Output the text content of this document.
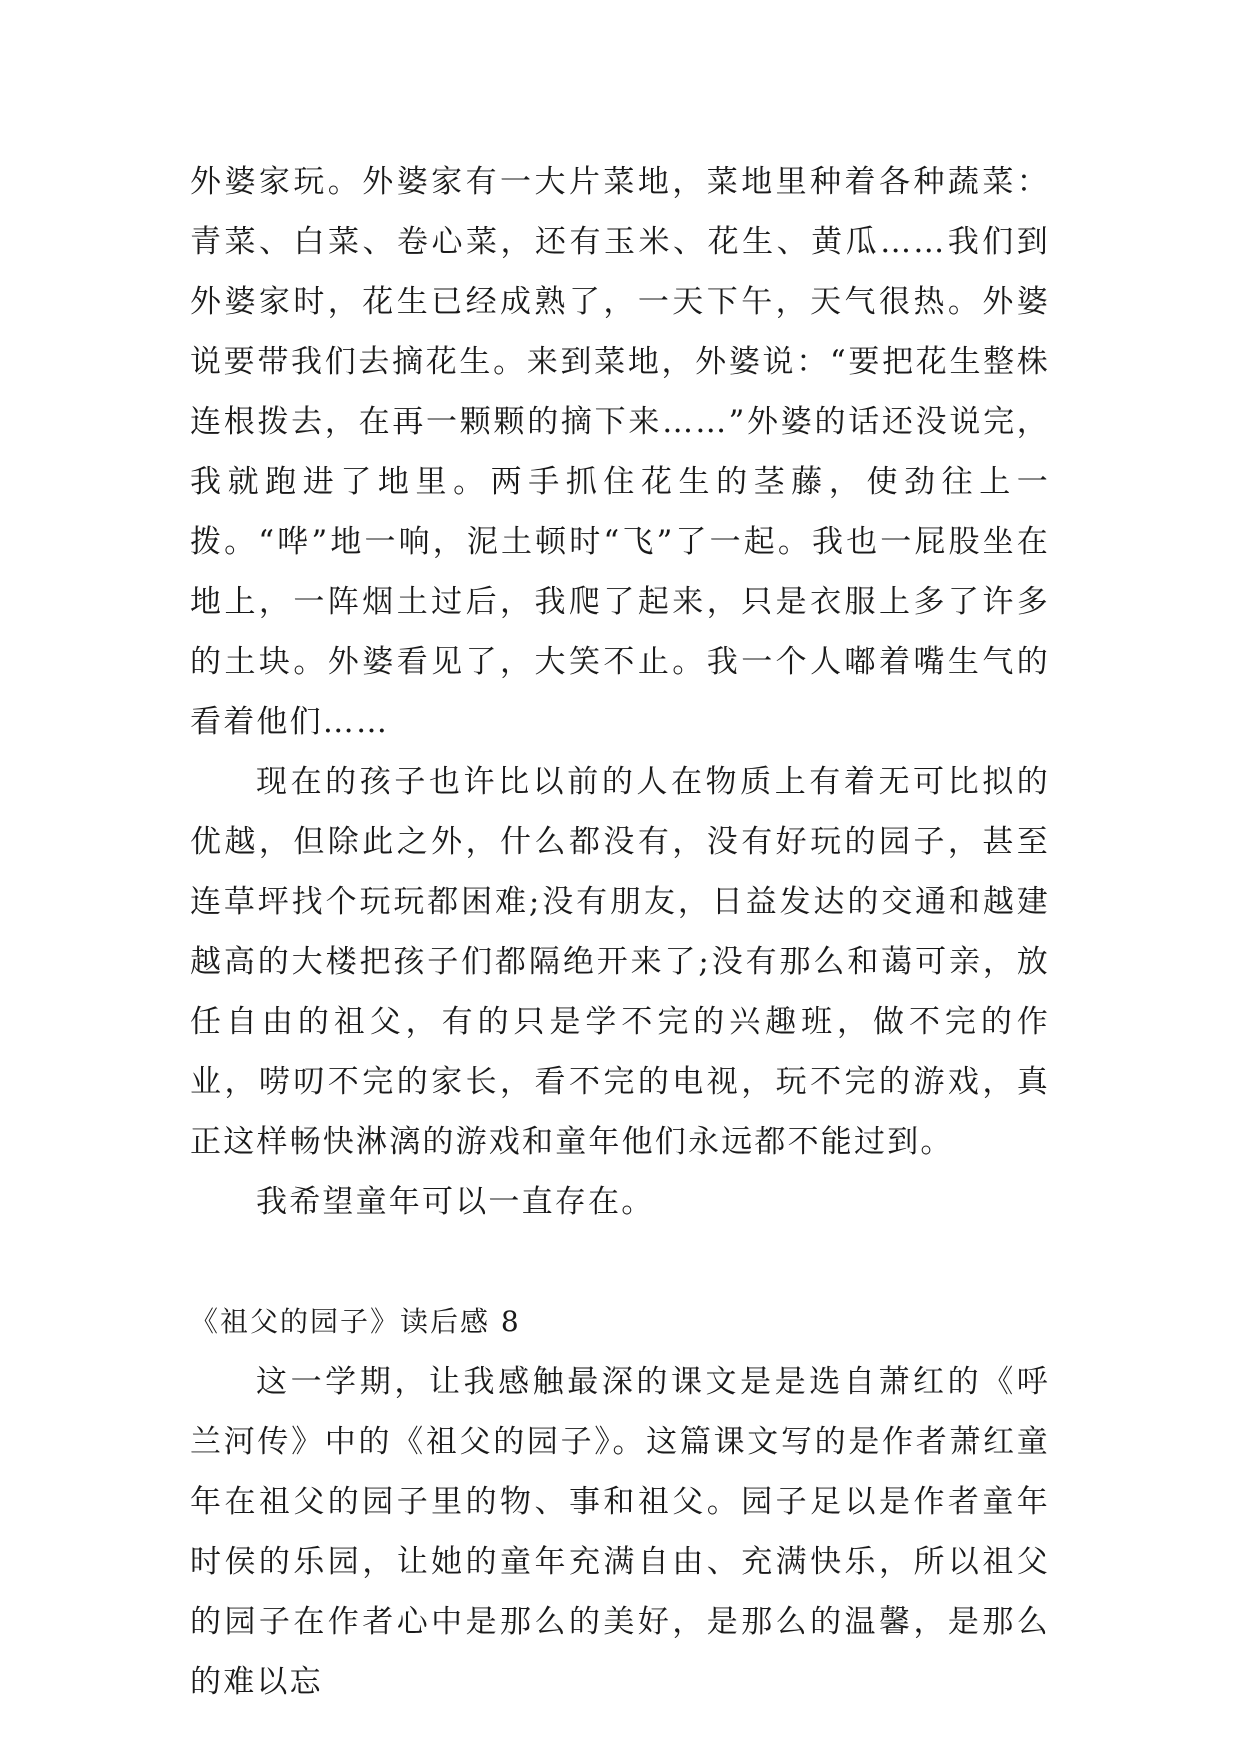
外婆家玩。外婆家有一大片菜地，菜地里种着各种蔬菜：青菜、白菜、卷心菜，还有玉米、花生、黄瓜……我们到外婆家时，花生已经成熟了，一天下午，天气很热。外婆说要带我们去摘花生。来到菜地，外婆说：“要把花生整株连根拨去，在再一颗颗的摘下来……”外婆的话还没说完，我就跑进了地里。两手抓住花生的茎藤，使劲往上一拨。“哗”地一响，泥土顿时“飞”了一起。我也一屁股坐在地上，一阵烟土过后，我爬了起来，只是衣服上多了许多的土块。外婆看见了，大笑不止。我一个人嘟着嘴生气的看着他们……

现在的孩子也许比以前的人在物质上有着无可比拟的优越，但除此之外，什么都没有，没有好玩的园子，甚至连草坪找个玩玩都困难;没有朋友，日益发达的交通和越建越高的大楼把孩子们都隔绝开来了;没有那么和蔼可亲，放任自由的祖父，有的只是学不完的兴趣班，做不完的作业，唠叨不完的家长，看不完的电视，玩不完的游戏，真正这样畅快淋漓的游戏和童年他们永远都不能过到。

我希望童年可以一直存在。

《祖父的园子》读后感 8

这一学期，让我感触最深的课文是是选自萧红的《呼兰河传》中的《祖父的园子》。这篇课文写的是作者萧红童年在祖父的园子里的物、事和祖父。园子足以是作者童年时侯的乐园，让她的童年充满自由、充满快乐，所以祖父的园子在作者心中是那么的美好，是那么的温馨，是那么的难以忘
